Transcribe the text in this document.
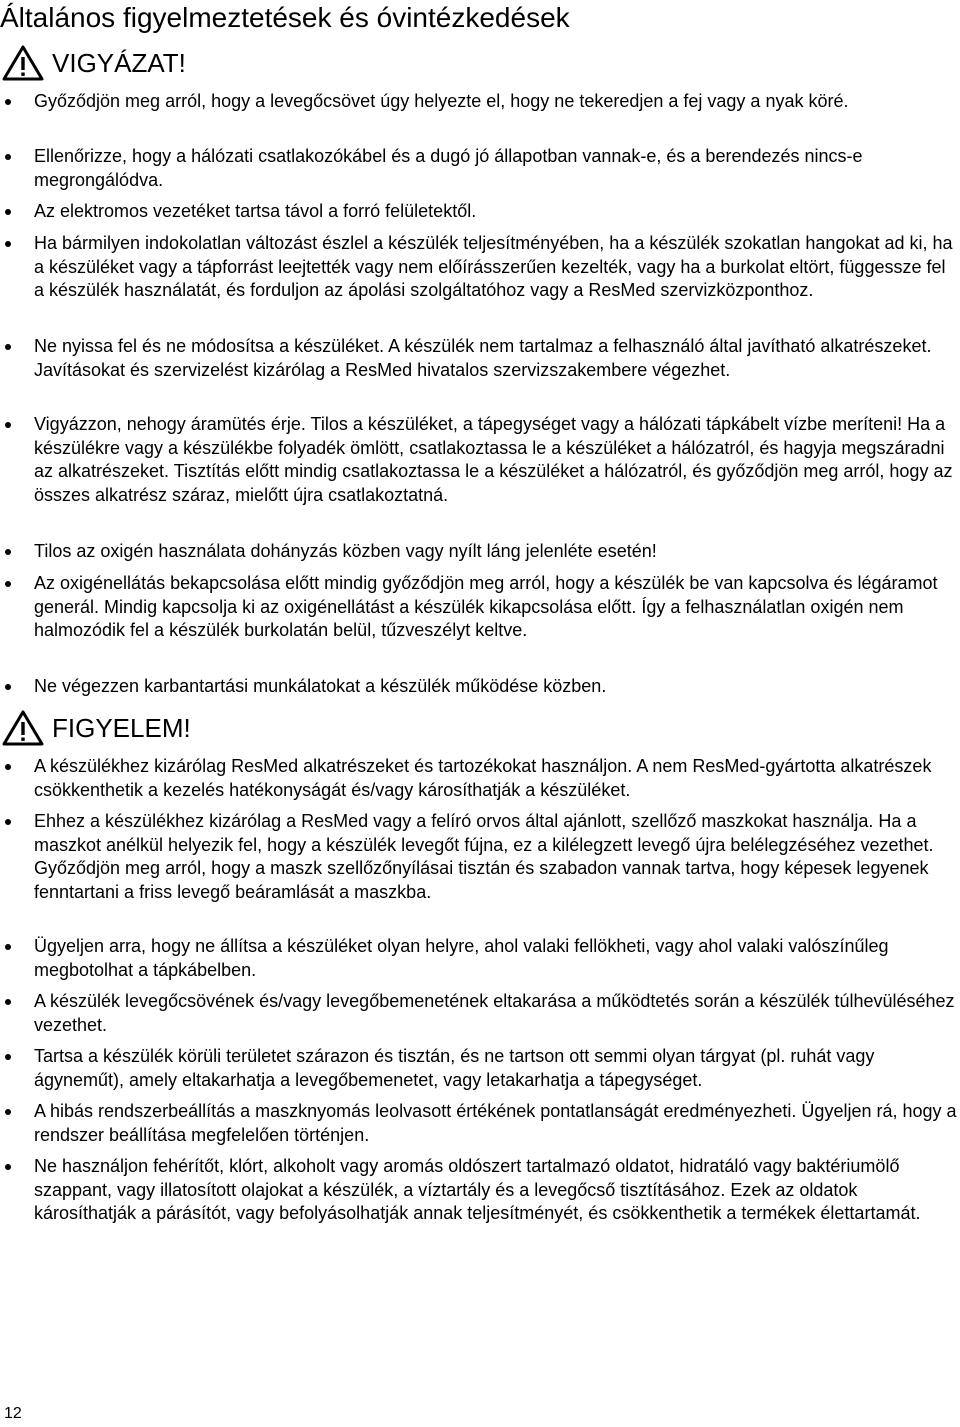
Általános figyelmeztetések és óvintézkedések
VIGYÁZAT!
Győződjön meg arról, hogy a levegőcsövet úgy helyezte el, hogy ne tekeredjen a fej vagy a nyak köré.
Ellenőrizze, hogy a hálózati csatlakozókábel és a dugó jó állapotban vannak-e, és a berendezés nincs-e megrongálódva.
Az elektromos vezetéket tartsa távol a forró felületektől.
Ha bármilyen indokolatlan változást észlel a készülék teljesítményében, ha a készülék szokatlan hangokat ad ki, ha a készüléket vagy a tápforrást leejtették vagy nem előírásszerűen kezelték, vagy ha a burkolat eltört, függessze fel a készülék használatát, és forduljon az ápolási szolgáltatóhoz vagy a ResMed szervizközponthoz.
Ne nyissa fel és ne módosítsa a készüléket. A készülék nem tartalmaz a felhasználó által javítható alkatrészeket. Javításokat és szervizelést kizárólag a ResMed hivatalos szervizszakembere végezhet.
Vigyázzon, nehogy áramütés érje. Tilos a készüléket, a tápegységet vagy a hálózati tápkábelt vízbe meríteni! Ha a készülékre vagy a készülékbe folyadék ömlött, csatlakoztassa le a készüléket a hálózatról, és hagyja megszáradni az alkatrészeket. Tisztítás előtt mindig csatlakoztassa le a készüléket a hálózatról, és győződjön meg arról, hogy az összes alkatrész száraz, mielőtt újra csatlakoztatná.
Tilos az oxigén használata dohányzás közben vagy nyílt láng jelenléte esetén!
Az oxigénellátás bekapcsolása előtt mindig győződjön meg arról, hogy a készülék be van kapcsolva és légáramot generál. Mindig kapcsolja ki az oxigénellátást a készülék kikapcsolása előtt. Így a felhasználatlan oxigén nem halmozódik fel a készülék burkolatán belül, tűzveszélyt keltve.
Ne végezzen karbantartási munkálatokat a készülék működése közben.
FIGYELEM!
A készülékhez kizárólag ResMed alkatrészeket és tartozékokat használjon. A nem ResMed-gyártotta alkatrészek csökkenthetik a kezelés hatékonyságát és/vagy károsíthatják a készüléket.
Ehhez a készülékhez kizárólag a ResMed vagy a felíró orvos által ajánlott, szellőző maszkokat használja. Ha a maszkot anélkül helyezik fel, hogy a készülék levegőt fújna, ez a kilélegzett levegő újra belélegzéséhez vezethet. Győződjön meg arról, hogy a maszk szellőzőnyílásai tisztán és szabadon vannak tartva, hogy képesek legyenek fenntartani a friss levegő beáramlását a maszkba.
Ügyeljen arra, hogy ne állítsa a készüléket olyan helyre, ahol valaki fellökheti, vagy ahol valaki valószínűleg megbotolhat a tápkábelben.
A készülék levegőcsövének és/vagy levegőbemenetének eltakarása a működtetés során a készülék túlhevüléséhez vezethet.
Tartsa a készülék körüli területet szárazon és tisztán, és ne tartson ott semmi olyan tárgyat (pl. ruhát vagy ágyneműt), amely eltakarhatja a levegőbemenetet, vagy letakarhatja a tápegységet.
A hibás rendszerbeállítás a maszknyomás leolvasott értékének pontatlanságát eredményezheti. Ügyeljen rá, hogy a rendszer beállítása megfelelően történjen.
Ne használjon fehérítőt, klórt, alkoholt vagy aromás oldószert tartalmazó oldatot, hidratáló vagy baktériumölő szappant, vagy illatosított olajokat a készülék, a víztartály és a levegőcső tisztításához. Ezek az oldatok károsíthatják a párásítót, vagy befolyásolhatják annak teljesítményét, és csökkenthetik a termékek élettartamát.
12
